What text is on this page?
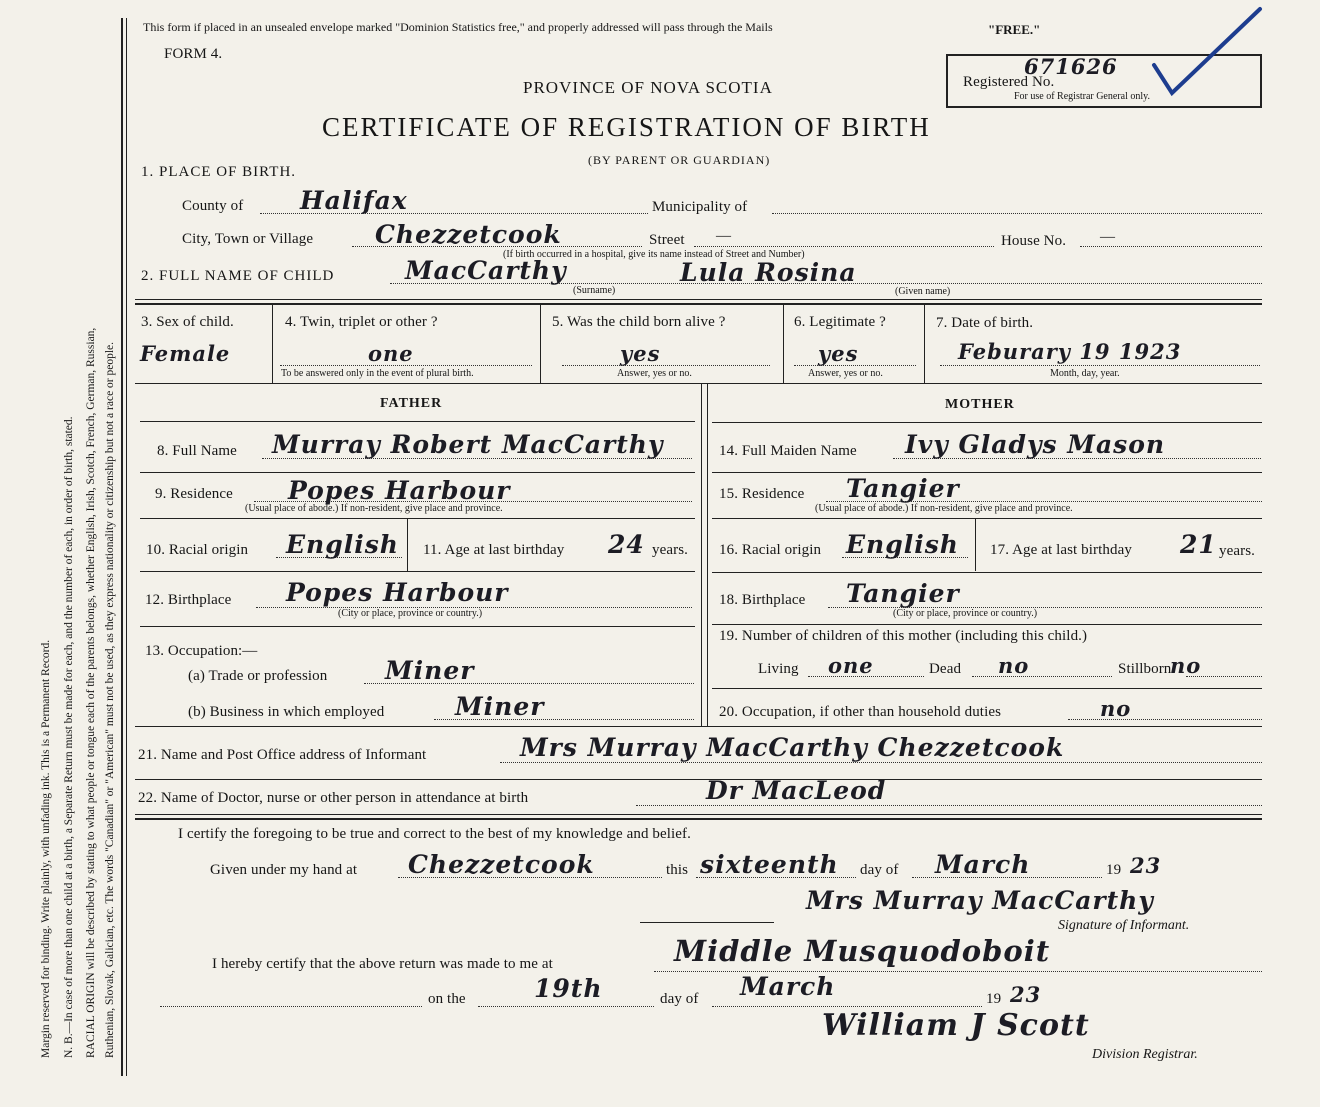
Margin reserved for binding. Write plainly, with unfading ink. This is a Permanent Record. N. B.—In case of more than one child at a birth, a Separate Return must be made for each, and the number of each, in order of birth, stated. RACIAL ORIGIN will be described by stating to what people or tongue each of the parents belongs, whether English, Irish, Scotch, French, German, Russian, Ruthenian, Slovak, Galician, etc. The words "Canadian" or "American" must not be used, as they express nationality or citizenship but not a race or people.
This form if placed in an unsealed envelope marked "Dominion Statistics free," and properly addressed will pass through the Mails	"FREE."
FORM 4.
PROVINCE OF NOVA SCOTIA
CERTIFICATE OF REGISTRATION OF BIRTH
(BY PARENT OR GUARDIAN)
Registered No.
671626
For use of Registrar General only.
1. PLACE OF BIRTH.
County of Halifax	Municipality of
City, Town or Village Chezzetcook	Street —	House No. —
(If birth occurred in a hospital, give its name instead of Street and Number)
2. FULL NAME OF CHILD	MacCarthy
(Surname)
Lula Rosina
(Given name)
3. Sex of child.
Female
4. Twin, triplet or other ?
one
To be answered only in the event of plural birth.
5. Was the child born alive ?
yes
Answer, yes or no.
6. Legitimate ?
yes
Answer, yes or no.
7. Date of birth.
Feburary 19 1923
Month, day, year.
FATHER	MOTHER
8. Full Name Murray Robert MacCarthy	14. Full Maiden Name Ivy Gladys Mason
9. Residence Popes Harbour
(Usual place of abode.) If non-resident, give place and province.
15. Residence Tangier
(Usual place of abode.) If non-resident, give place and province.
10. Racial origin English 11. Age at last birthday 24 years. 16. Racial origin English 17. Age at last birthday 21 years.
12. Birthplace Popes Harbour
(City or place, province or country.)
18. Birthplace Tangier
(City or place, province or country.)
13. Occupation:—
(a) Trade or profession Miner
(b) Business in which employed	Miner
19. Number of children of this mother (including this child.)
Living one	Dead no	Stillborn
no
20. Occupation, if other than household duties	no
21. Name and Post Office address of Informant	Mrs Murray MacCarthy Chezzetcook
22. Name of Doctor, nurse or other person in attendance at birth	Dr MacLeod
I certify the foregoing to be true and correct to the best of my knowledge and belief.
Given under my hand at Chezzetcook	this sixteenth day of March	19 23
Mrs Murray MacCarthy
Signature of Informant.
I hereby certify that the above return was made to me at	Middle Musquodoboit
on the	19th	day of March	19 23
William J Scott
Division Registrar.
